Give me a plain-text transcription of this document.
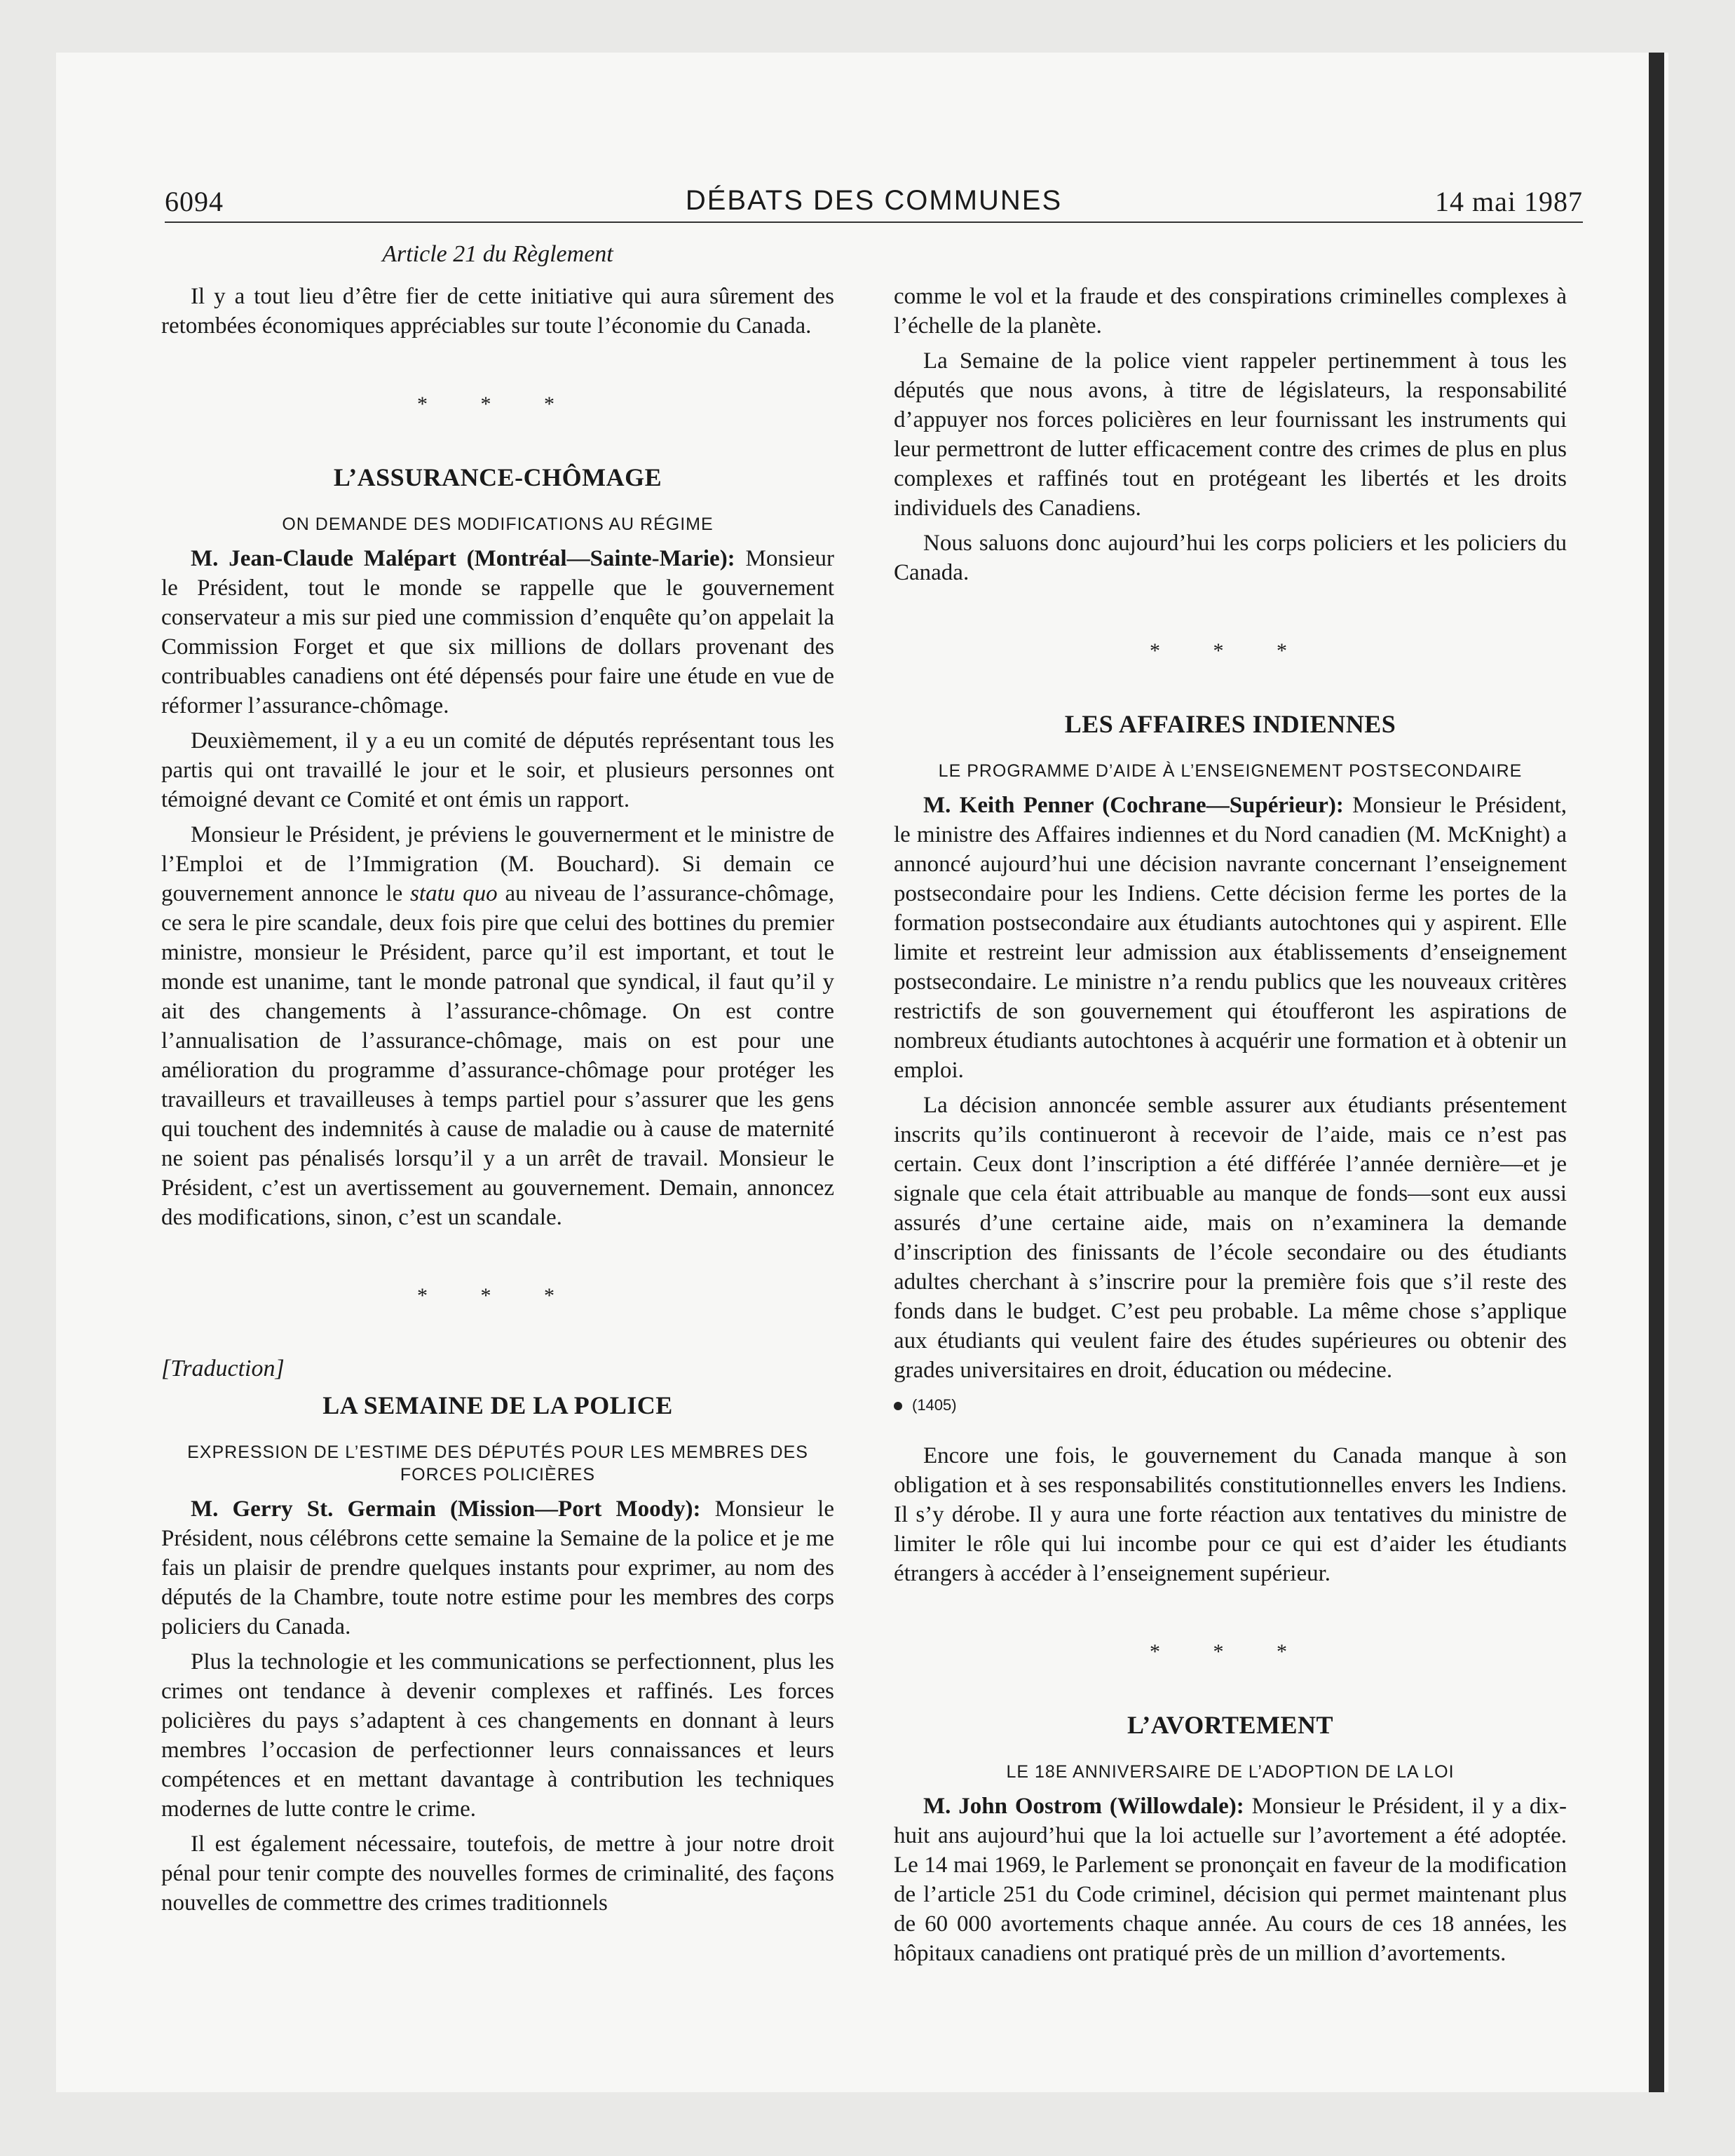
6094	DÉBATS DES COMMUNES	14 mai 1987
Article 21 du Règlement

Il y a tout lieu d’être fier de cette initiative qui aura sûrement des retombées économiques appréciables sur toute l’économie du Canada.

* * *
L’ASSURANCE-CHÔMAGE
ON DEMANDE DES MODIFICATIONS AU RÉGIME

M. Jean-Claude Malépart (Montréal—Sainte-Marie): Monsieur le Président, tout le monde se rappelle que le gouvernement conservateur a mis sur pied une commission d’enquête qu’on appelait la Commission Forget et que six millions de dollars provenant des contribuables canadiens ont été dépensés pour faire une étude en vue de réformer l’assurance-chômage.

Deuxièmement, il y a eu un comité de députés représentant tous les partis qui ont travaillé le jour et le soir, et plusieurs personnes ont témoigné devant ce Comité et ont émis un rapport.

Monsieur le Président, je préviens le gouvernerment et le ministre de l’Emploi et de l’Immigration (M. Bouchard). Si demain ce gouvernement annonce le statu quo au niveau de l’assurance-chômage, ce sera le pire scandale, deux fois pire que celui des bottines du premier ministre, monsieur le Président, parce qu’il est important, et tout le monde est unanime, tant le monde patronal que syndical, il faut qu’il y ait des changements à l’assurance-chômage. On est contre l’annualisation de l’assurance-chômage, mais on est pour une amélioration du programme d’assurance-chômage pour protéger les travailleurs et travailleuses à temps partiel pour s’assurer que les gens qui touchent des indemnités à cause de maladie ou à cause de maternité ne soient pas pénalisés lorsqu’il y a un arrêt de travail. Monsieur le Président, c’est un avertissement au gouvernement. Demain, annoncez des modifications, sinon, c’est un scandale.

* * *
[Traduction]
LA SEMAINE DE LA POLICE
EXPRESSION DE L’ESTIME DES DÉPUTÉS POUR LES MEMBRES DES FORCES POLICIÈRES

M. Gerry St. Germain (Mission—Port Moody): Monsieur le Président, nous célébrons cette semaine la Semaine de la police et je me fais un plaisir de prendre quelques instants pour exprimer, au nom des députés de la Chambre, toute notre estime pour les membres des corps policiers du Canada.

Plus la technologie et les communications se perfectionnent, plus les crimes ont tendance à devenir complexes et raffinés. Les forces policières du pays s’adaptent à ces changements en donnant à leurs membres l’occasion de perfectionner leurs connaissances et leurs compétences et en mettant davantage à contribution les techniques modernes de lutte contre le crime.

Il est également nécessaire, toutefois, de mettre à jour notre droit pénal pour tenir compte des nouvelles formes de criminalité, des façons nouvelles de commettre des crimes traditionnels

comme le vol et la fraude et des conspirations criminelles complexes à l’échelle de la planète.

La Semaine de la police vient rappeler pertinemment à tous les députés que nous avons, à titre de législateurs, la responsabilité d’appuyer nos forces policières en leur fournissant les instruments qui leur permettront de lutter efficacement contre des crimes de plus en plus complexes et raffinés tout en protégeant les libertés et les droits individuels des Canadiens.

Nous saluons donc aujourd’hui les corps policiers et les policiers du Canada.

* * *
LES AFFAIRES INDIENNES
LE PROGRAMME D’AIDE À L’ENSEIGNEMENT POSTSECONDAIRE

M. Keith Penner (Cochrane—Supérieur): Monsieur le Président, le ministre des Affaires indiennes et du Nord canadien (M. McKnight) a annoncé aujourd’hui une décision navrante concernant l’enseignement postsecondaire pour les Indiens. Cette décision ferme les portes de la formation postsecondaire aux étudiants autochtones qui y aspirent. Elle limite et restreint leur admission aux établissements d’enseignement postsecondaire. Le ministre n’a rendu publics que les nouveaux critères restrictifs de son gouvernement qui étoufferont les aspirations de nombreux étudiants autochtones à acquérir une formation et à obtenir un emploi.

La décision annoncée semble assurer aux étudiants présentement inscrits qu’ils continueront à recevoir de l’aide, mais ce n’est pas certain. Ceux dont l’inscription a été différée l’année dernière—et je signale que cela était attribuable au manque de fonds—sont eux aussi assurés d’une certaine aide, mais on n’examinera la demande d’inscription des finissants de l’école secondaire ou des étudiants adultes cherchant à s’inscrire pour la première fois que s’il reste des fonds dans le budget. C’est peu probable. La même chose s’applique aux étudiants qui veulent faire des études supérieures ou obtenir des grades universitaires en droit, éducation ou médecine.

(1405)

Encore une fois, le gouvernement du Canada manque à son obligation et à ses responsabilités constitutionnelles envers les Indiens. Il s’y dérobe. Il y aura une forte réaction aux tentatives du ministre de limiter le rôle qui lui incombe pour ce qui est d’aider les étudiants étrangers à accéder à l’enseignement supérieur.

* * *
L’AVORTEMENT
LE 18E ANNIVERSAIRE DE L’ADOPTION DE LA LOI

M. John Oostrom (Willowdale): Monsieur le Président, il y a dix-huit ans aujourd’hui que la loi actuelle sur l’avortement a été adoptée. Le 14 mai 1969, le Parlement se prononçait en faveur de la modification de l’article 251 du Code criminel, décision qui permet maintenant plus de 60 000 avortements chaque année. Au cours de ces 18 années, les hôpitaux canadiens ont pratiqué près de un million d’avortements.
